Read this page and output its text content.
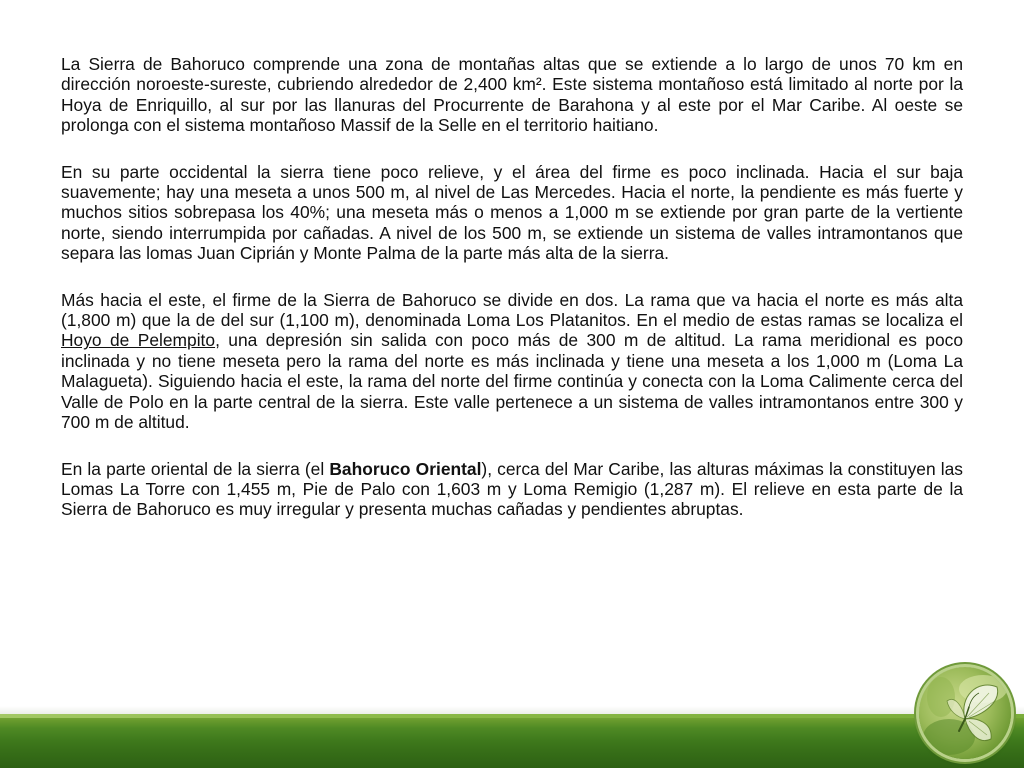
La Sierra de Bahoruco comprende una zona de montañas altas que se extiende a lo largo de unos 70 km en dirección noroeste-sureste, cubriendo alrededor de 2,400 km². Este sistema montañoso está limitado al norte por la Hoya de Enriquillo, al sur por las llanuras del Procurrente de Barahona y al este por el Mar Caribe. Al oeste se prolonga con el sistema montañoso Massif de la Selle en el territorio haitiano.

En su parte occidental la sierra tiene poco relieve, y el área del firme es poco inclinada. Hacia el sur baja suavemente; hay una meseta a unos 500 m, al nivel de Las Mercedes. Hacia el norte, la pendiente es más fuerte y muchos sitios sobrepasa los 40%; una meseta más o menos a 1,000 m se extiende por gran parte de la vertiente norte, siendo interrumpida por cañadas. A nivel de los 500 m, se extiende un sistema de valles intramontanos que separa las lomas Juan Ciprián y Monte Palma de la parte más alta de la sierra.

Más hacia el este, el firme de la Sierra de Bahoruco se divide en dos. La rama que va hacia el norte es más alta (1,800 m) que la de del sur (1,100 m), denominada Loma Los Platanitos. En el medio de estas ramas se localiza el Hoyo de Pelempito, una depresión sin salida con poco más de 300 m de altitud. La rama meridional es poco inclinada y no tiene meseta pero la rama del norte es más inclinada y tiene una meseta a los 1,000 m (Loma La Malagueta). Siguiendo hacia el este, la rama del norte del firme continúa y conecta con la Loma Calimente cerca del Valle de Polo en la parte central de la sierra. Este valle pertenece a un sistema de valles intramontanos entre 300 y 700 m de altitud.

En la parte oriental de la sierra (el Bahoruco Oriental), cerca del Mar Caribe, las alturas máximas la constituyen las Lomas La Torre con 1,455 m, Pie de Palo con 1,603 m y Loma Remigio (1,287 m). El relieve en esta parte de la Sierra de Bahoruco es muy irregular y presenta muchas cañadas y pendientes abruptas.
